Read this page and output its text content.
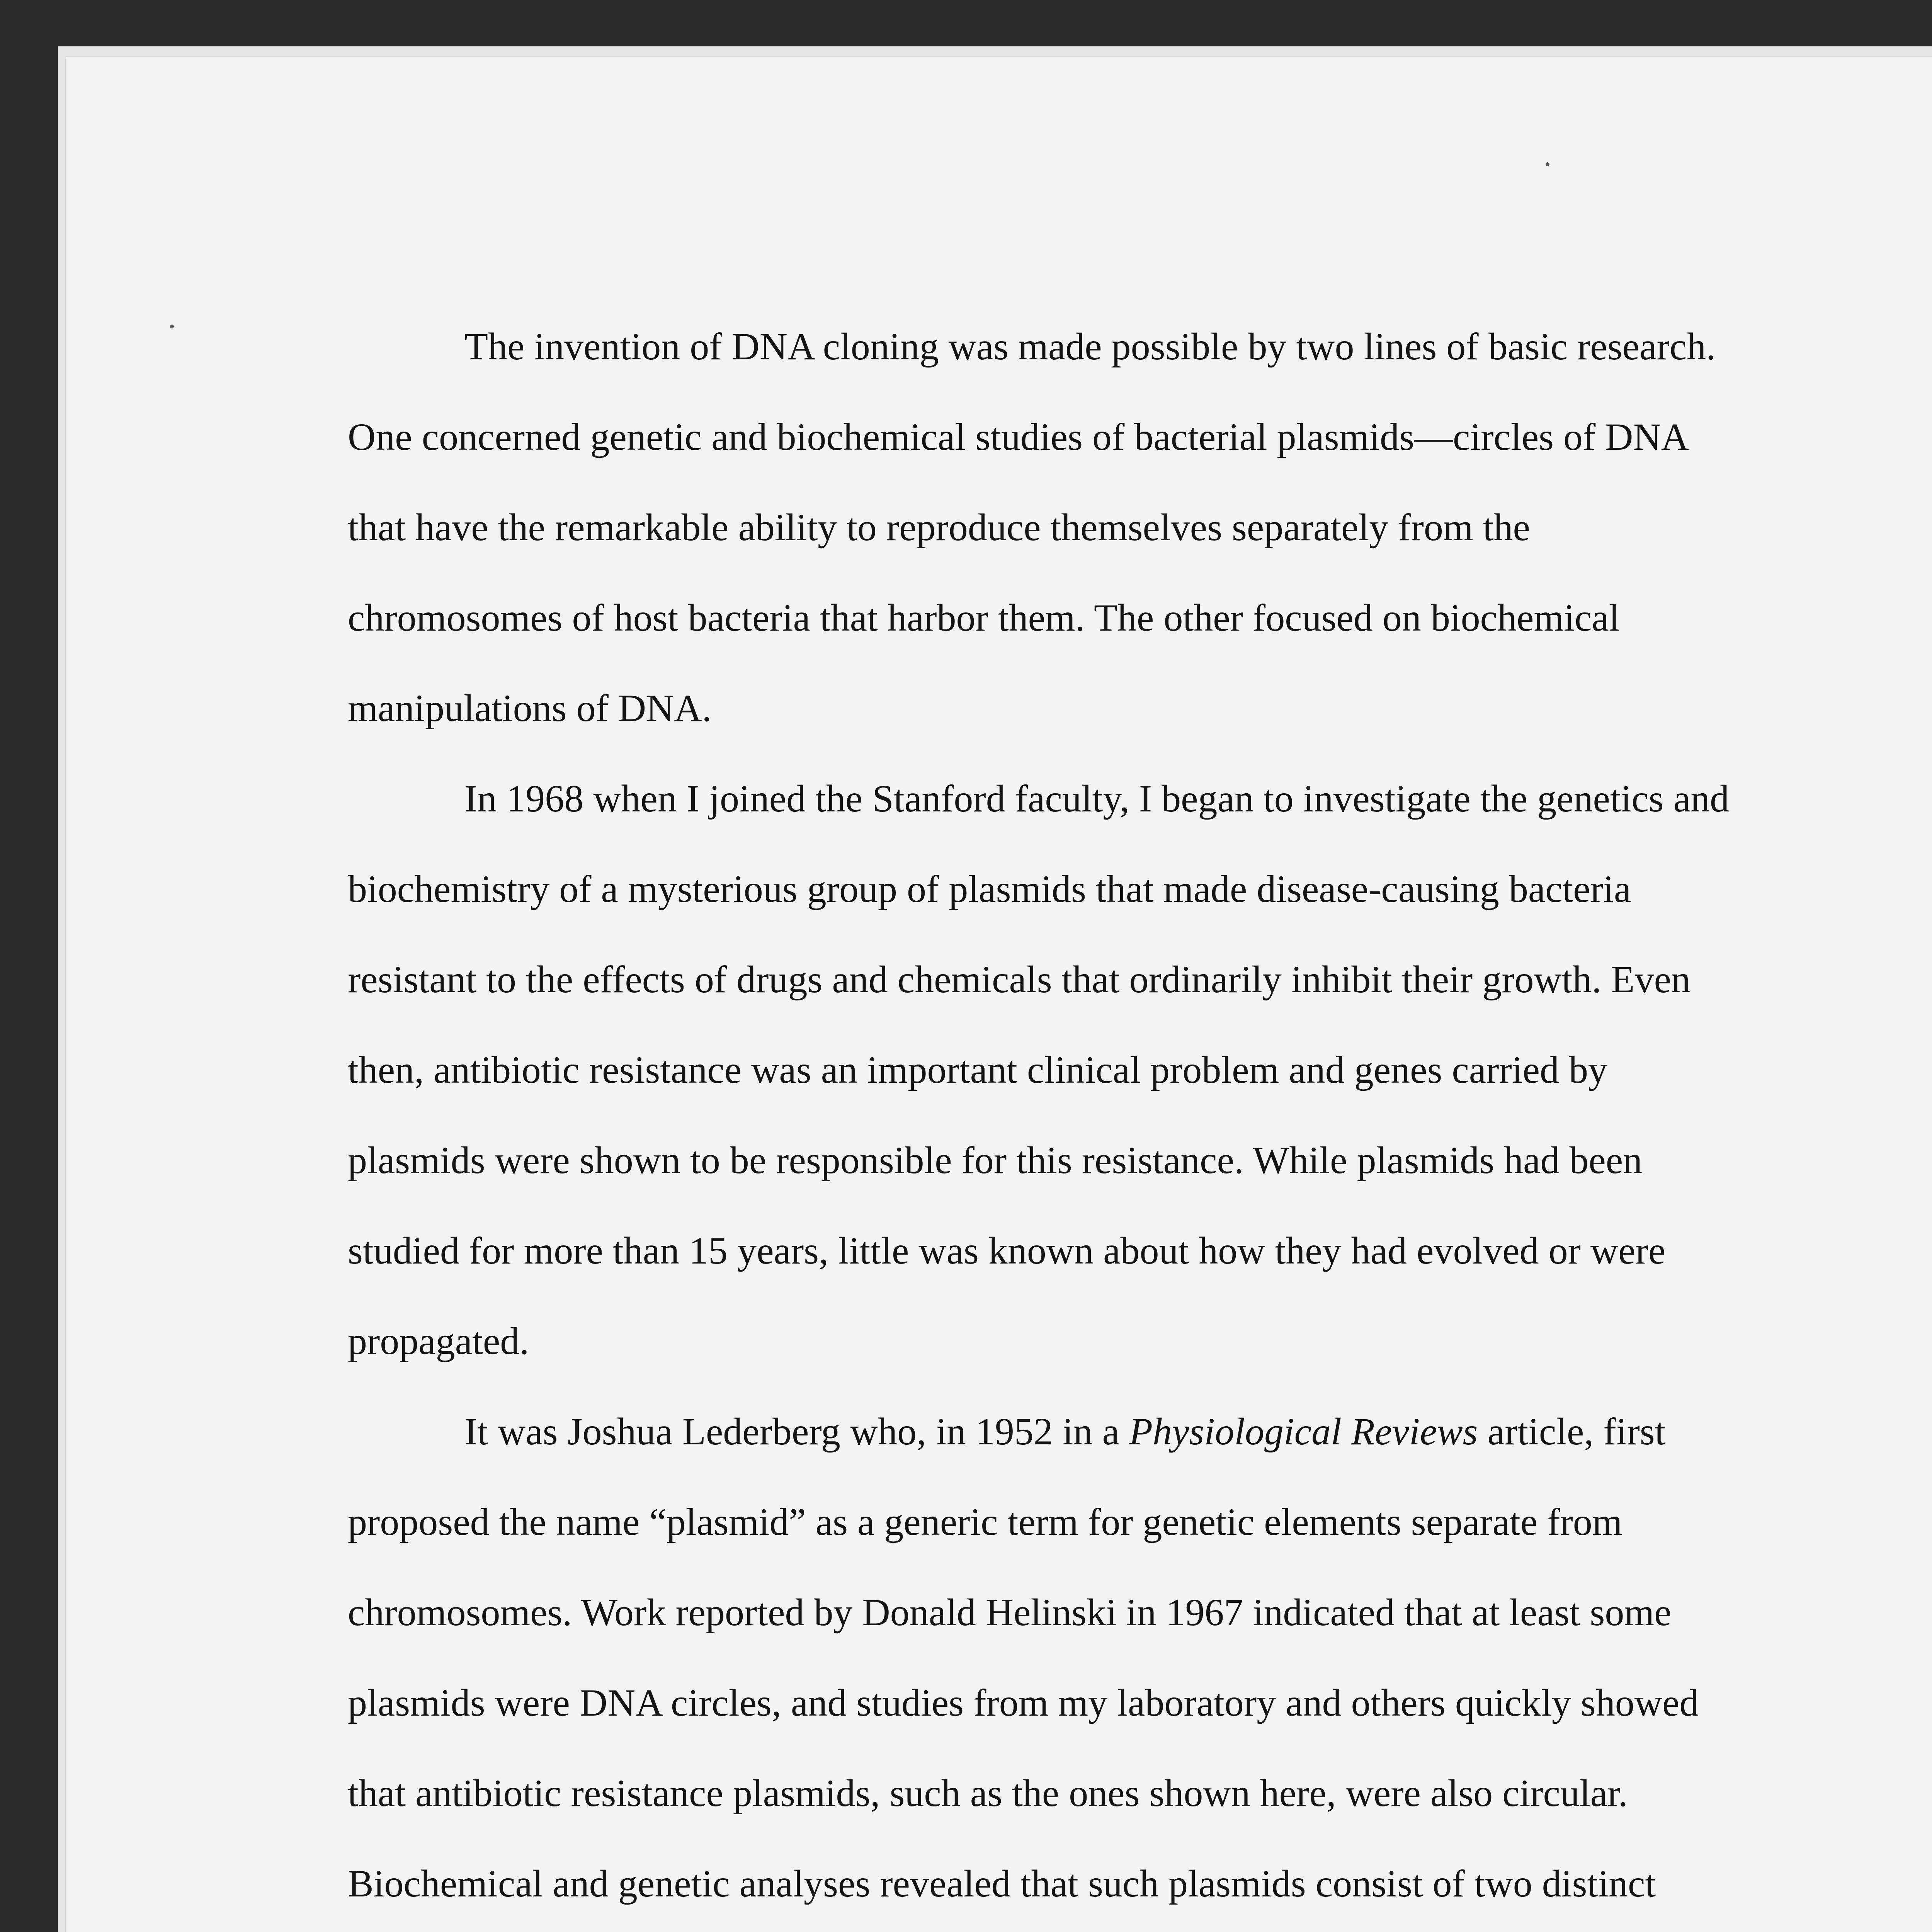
The invention of DNA cloning was made possible by two lines of basic research.
One concerned genetic and biochemical studies of bacterial plasmids—circles of DNA
that have the remarkable ability to reproduce themselves separately from the
chromosomes of host bacteria that harbor them. The other focused on biochemical
manipulations of DNA.

In 1968 when I joined the Stanford faculty, I began to investigate the genetics and
biochemistry of a mysterious group of plasmids that made disease-causing bacteria
resistant to the effects of drugs and chemicals that ordinarily inhibit their growth. Even
then, antibiotic resistance was an important clinical problem and genes carried by
plasmids were shown to be responsible for this resistance. While plasmids had been
studied for more than 15 years, little was known about how they had evolved or were
propagated.

It was Joshua Lederberg who, in 1952 in a Physiological Reviews article, first
proposed the name “plasmid” as a generic term for genetic elements separate from
chromosomes. Work reported by Donald Helinski in 1967 indicated that at least some
plasmids were DNA circles, and studies from my laboratory and others quickly showed
that antibiotic resistance plasmids, such as the ones shown here, were also circular.
Biochemical and genetic analyses revealed that such plasmids consist of two distinct
